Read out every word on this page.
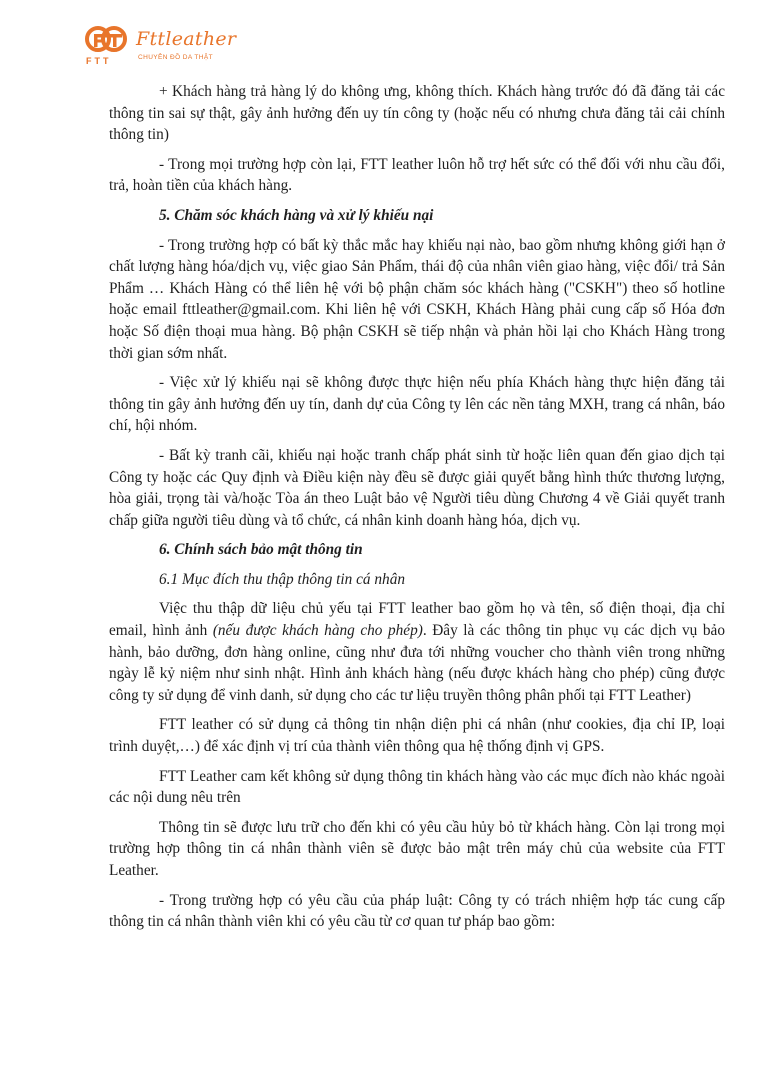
FTT
Fttleather
CHUYÊN ĐỒ DA THẬT

+ Khách hàng trả hàng lý do không ưng, không thích. Khách hàng trước đó đã đăng tải các thông tin sai sự thật, gây ảnh hưởng đến uy tín công ty (hoặc nếu có nhưng chưa đăng tải cải chính thông tin)

- Trong mọi trường hợp còn lại, FTT leather luôn hỗ trợ hết sức có thể đối với nhu cầu đổi, trả, hoàn tiền của khách hàng.

5. Chăm sóc khách hàng và xử lý khiếu nại

- Trong trường hợp có bất kỳ thắc mắc hay khiếu nại nào, bao gồm nhưng không giới hạn ở chất lượng hàng hóa/dịch vụ, việc giao Sản Phẩm, thái độ của nhân viên giao hàng, việc đổi/ trả Sản Phẩm … Khách Hàng có thể liên hệ với bộ phận chăm sóc khách hàng ("CSKH") theo số hotline hoặc email fttleather@gmail.com. Khi liên hệ với CSKH, Khách Hàng phải cung cấp số Hóa đơn hoặc Số điện thoại mua hàng. Bộ phận CSKH sẽ tiếp nhận và phản hồi lại cho Khách Hàng trong thời gian sớm nhất.

- Việc xử lý khiếu nại sẽ không được thực hiện nếu phía Khách hàng thực hiện đăng tải thông tin gây ảnh hưởng đến uy tín, danh dự của Công ty lên các nền tảng MXH, trang cá nhân, báo chí, hội nhóm.

- Bất kỳ tranh cãi, khiếu nại hoặc tranh chấp phát sinh từ hoặc liên quan đến giao dịch tại Công ty hoặc các Quy định và Điều kiện này đều sẽ được giải quyết bằng hình thức thương lượng, hòa giải, trọng tài và/hoặc Tòa án theo Luật bảo vệ Người tiêu dùng Chương 4 về Giải quyết tranh chấp giữa người tiêu dùng và tổ chức, cá nhân kinh doanh hàng hóa, dịch vụ.

6. Chính sách bảo mật thông tin

6.1 Mục đích thu thập thông tin cá nhân

Việc thu thập dữ liệu chủ yếu tại FTT leather bao gồm họ và tên, số điện thoại, địa chỉ email, hình ảnh (nếu được khách hàng cho phép). Đây là các thông tin phục vụ các dịch vụ bảo hành, bảo dưỡng, đơn hàng online, cũng như đưa tới những voucher cho thành viên trong những ngày lễ kỷ niệm như sinh nhật. Hình ảnh khách hàng (nếu được khách hàng cho phép) cũng được công ty sử dụng để vinh danh, sử dụng cho các tư liệu truyền thông phân phối tại FTT Leather)

FTT leather có sử dụng cả thông tin nhận diện phi cá nhân (như cookies, địa chỉ IP, loại trình duyệt,…) để xác định vị trí của thành viên thông qua hệ thống định vị GPS.

FTT Leather cam kết không sử dụng thông tin khách hàng vào các mục đích nào khác ngoài các nội dung nêu trên

Thông tin sẽ được lưu trữ cho đến khi có yêu cầu hủy bỏ từ khách hàng. Còn lại trong mọi trường hợp thông tin cá nhân thành viên sẽ được bảo mật trên máy chủ của website của FTT Leather.

- Trong trường hợp có yêu cầu của pháp luật: Công ty có trách nhiệm hợp tác cung cấp thông tin cá nhân thành viên khi có yêu cầu từ cơ quan tư pháp bao gồm:
